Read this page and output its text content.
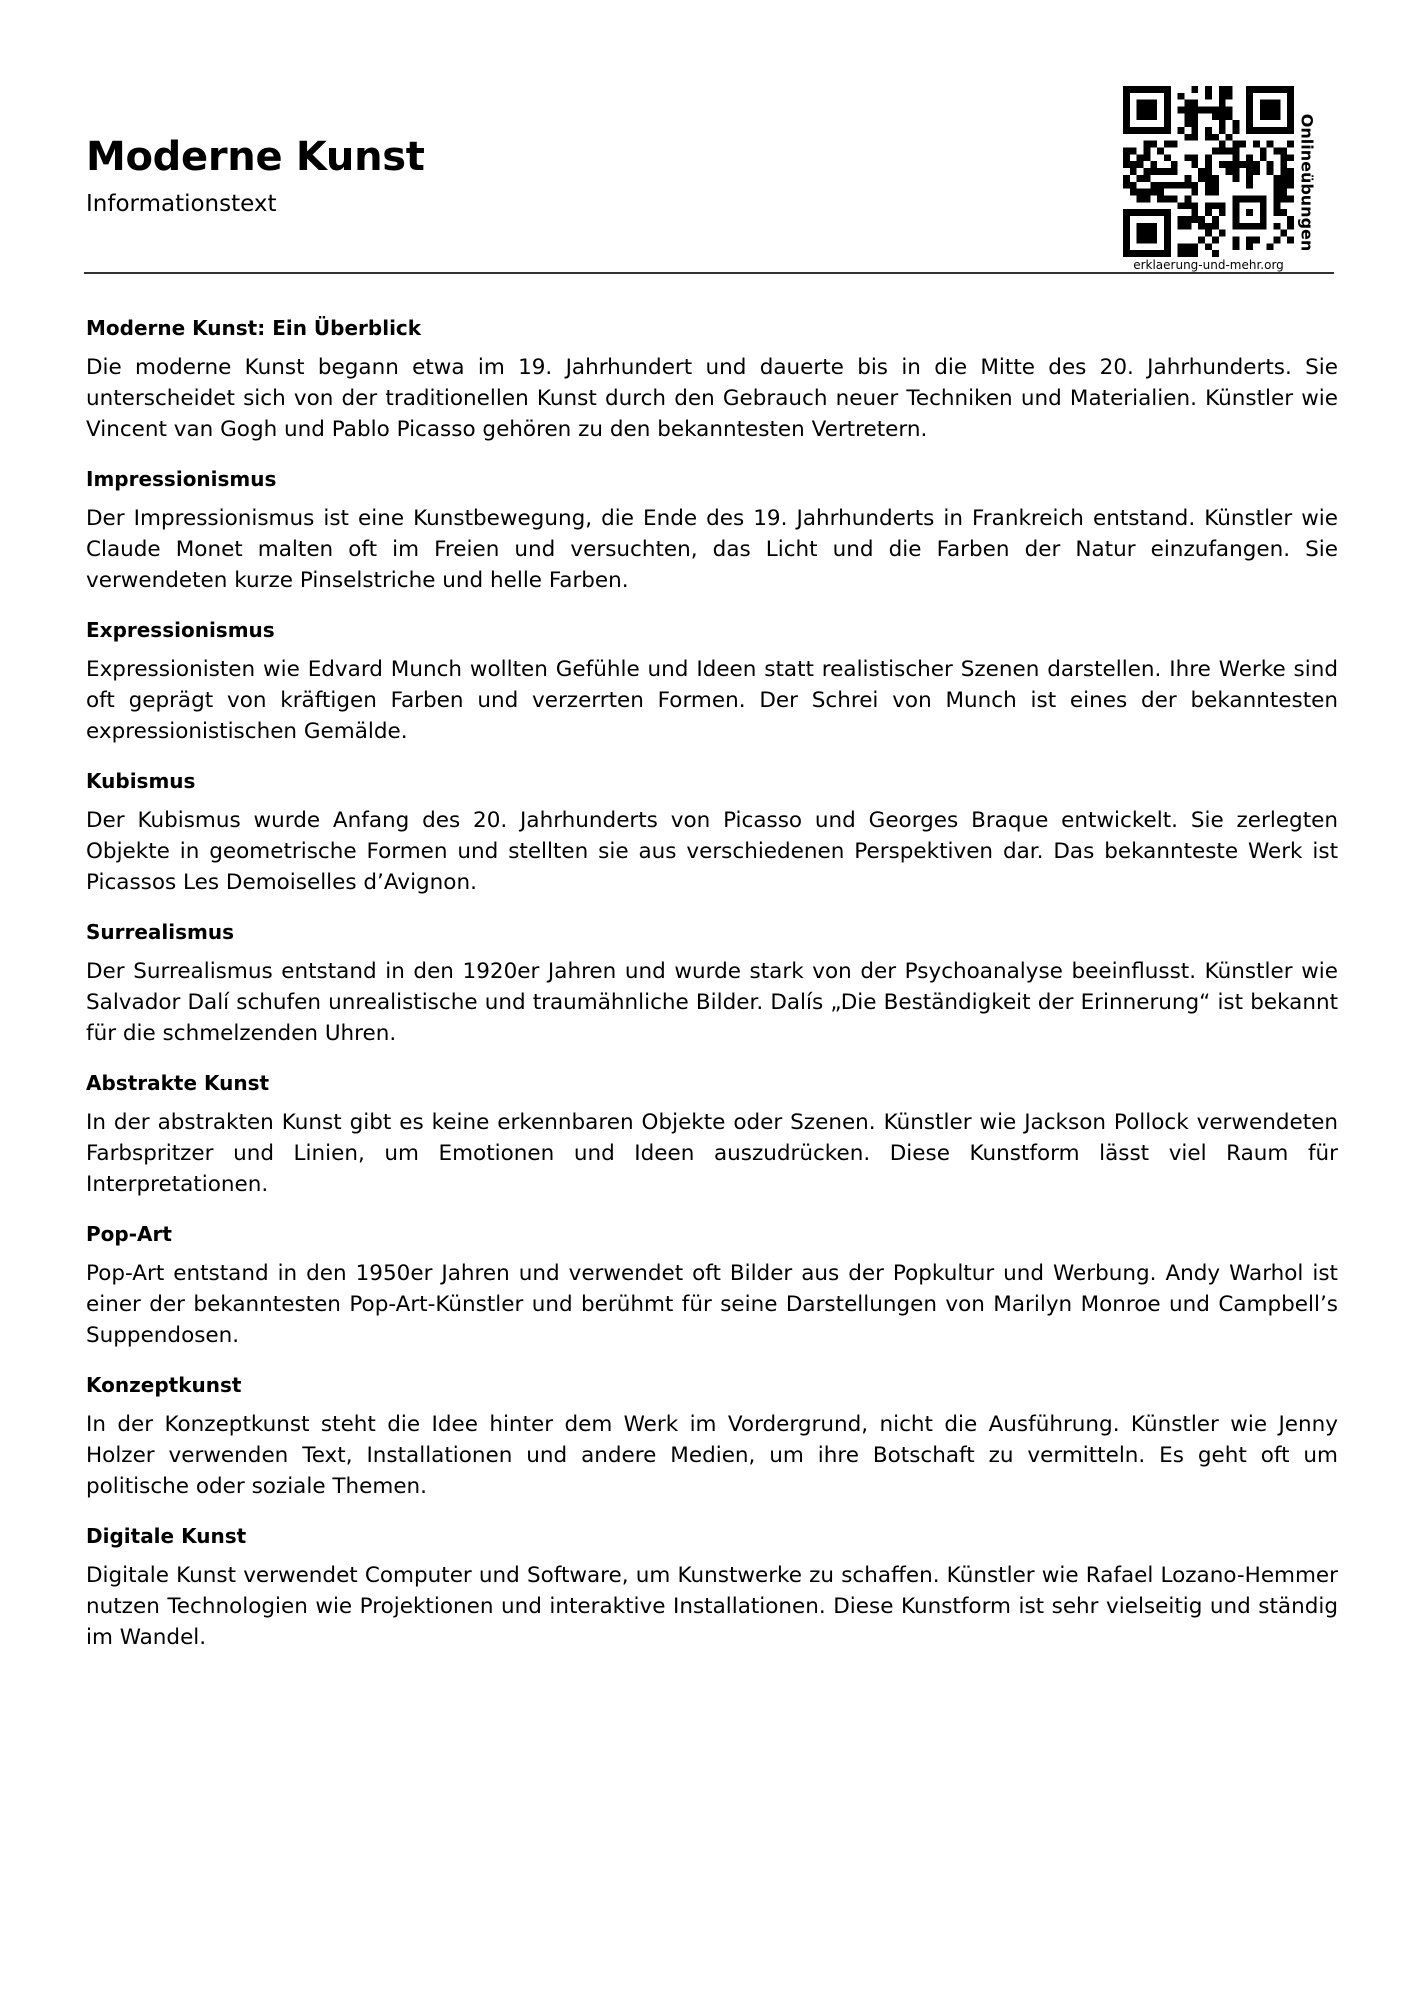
Moderne Kunst
Informationstext	Onlineübungen
erklaerung-und-mehr.org
Moderne Kunst: Ein Überblick

Die moderne Kunst begann etwa im 19. Jahrhundert und dauerte bis in die Mitte des 20. Jahrhunderts. Sie unterscheidet sich von der traditionellen Kunst durch den Gebrauch neuer Techniken und Materialien. Künstler wie Vincent van Gogh und Pablo Picasso gehören zu den bekanntesten Vertretern.

Impressionismus

Der Impressionismus ist eine Kunstbewegung, die Ende des 19. Jahrhunderts in Frankreich entstand. Künstler wie Claude Monet malten oft im Freien und versuchten, das Licht und die Farben der Natur einzufangen. Sie verwendeten kurze Pinselstriche und helle Farben.

Expressionismus

Expressionisten wie Edvard Munch wollten Gefühle und Ideen statt realistischer Szenen darstellen. Ihre Werke sind oft geprägt von kräftigen Farben und verzerrten Formen. Der Schrei von Munch ist eines der bekanntesten expressionistischen Gemälde.

Kubismus

Der Kubismus wurde Anfang des 20. Jahrhunderts von Picasso und Georges Braque entwickelt. Sie zerlegten Objekte in geometrische Formen und stellten sie aus verschiedenen Perspektiven dar. Das bekannteste Werk ist Picassos Les Demoiselles d’Avignon.

Surrealismus

Der Surrealismus entstand in den 1920er Jahren und wurde stark von der Psychoanalyse beeinflusst. Künstler wie Salvador Dalí schufen unrealistische und traumähnliche Bilder. Dalís „Die Beständigkeit der Erinnerung“ ist bekannt für die schmelzenden Uhren.

Abstrakte Kunst

In der abstrakten Kunst gibt es keine erkennbaren Objekte oder Szenen. Künstler wie Jackson Pollock verwendeten Farbspritzer und Linien, um Emotionen und Ideen auszudrücken. Diese Kunstform lässt viel Raum für Interpretationen.

Pop-Art

Pop-Art entstand in den 1950er Jahren und verwendet oft Bilder aus der Popkultur und Werbung. Andy Warhol ist einer der bekanntesten Pop-Art-Künstler und berühmt für seine Darstellungen von Marilyn Monroe und Campbell’s Suppendosen.

Konzeptkunst

In der Konzeptkunst steht die Idee hinter dem Werk im Vordergrund, nicht die Ausführung. Künstler wie Jenny Holzer verwenden Text, Installationen und andere Medien, um ihre Botschaft zu vermitteln. Es geht oft um politische oder soziale Themen.

Digitale Kunst

Digitale Kunst verwendet Computer und Software, um Kunstwerke zu schaffen. Künstler wie Rafael Lozano-Hemmer nutzen Technologien wie Projektionen und interaktive Installationen. Diese Kunstform ist sehr vielseitig und ständig im Wandel.
